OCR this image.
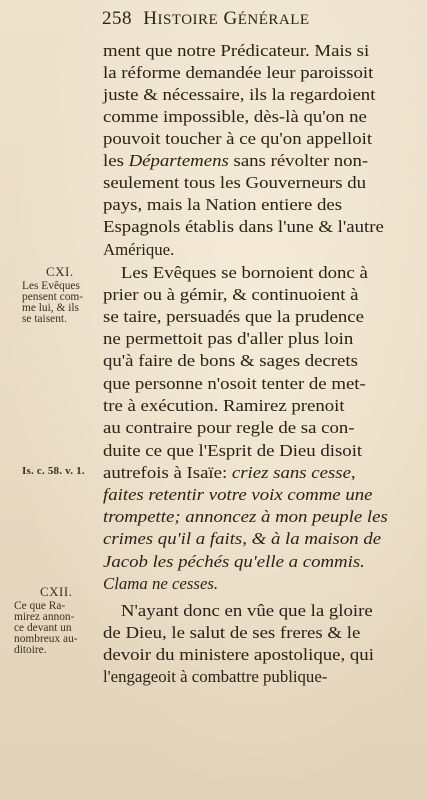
258 HISTOIRE GÉNÉRALE
ment que notre Prédicateur. Mais si
la réforme demandée leur paroissoit
juste & nécessaire, ils la regardoient
comme impossible, dès-là qu'on ne
pouvoit toucher à ce qu'on appelloit
les Départemens sans révolter non-
seulement tous les Gouverneurs du
pays, mais la Nation entiere des
Espagnols établis dans l'une & l'autre
Amérique.
Les Evêques se bornoient donc à
prier ou à gémir, & continuoient à
se taire, persuadés que la prudence
ne permettoit pas d'aller plus loin
qu'à faire de bons & sages decrets
que personne n'osoit tenter de met-
tre à exécution. Ramirez prenoit
au contraire pour regle de sa con-
duite ce que l'Esprit de Dieu disoit
autrefois à Isaïe: criez sans cesse,
faites retentir votre voix comme une
trompette; annoncez à mon peuple les
crimes qu'il a faits, & à la maison de
Jacob les péchés qu'elle a commis.
Clama ne cesses.
N'ayant donc en vûe que la gloire
de Dieu, le salut de ses freres & le
devoir du ministere apostolique, qui
l'engageoit à combattre publique-
CXI.
Les Evêques
pensent com-
me lui, & ils
se taisent.
Is. c. 58. v. 1.
CXII.
Ce que Ra-
mirez annon-
ce devant un
nombreux au-
ditoire.
